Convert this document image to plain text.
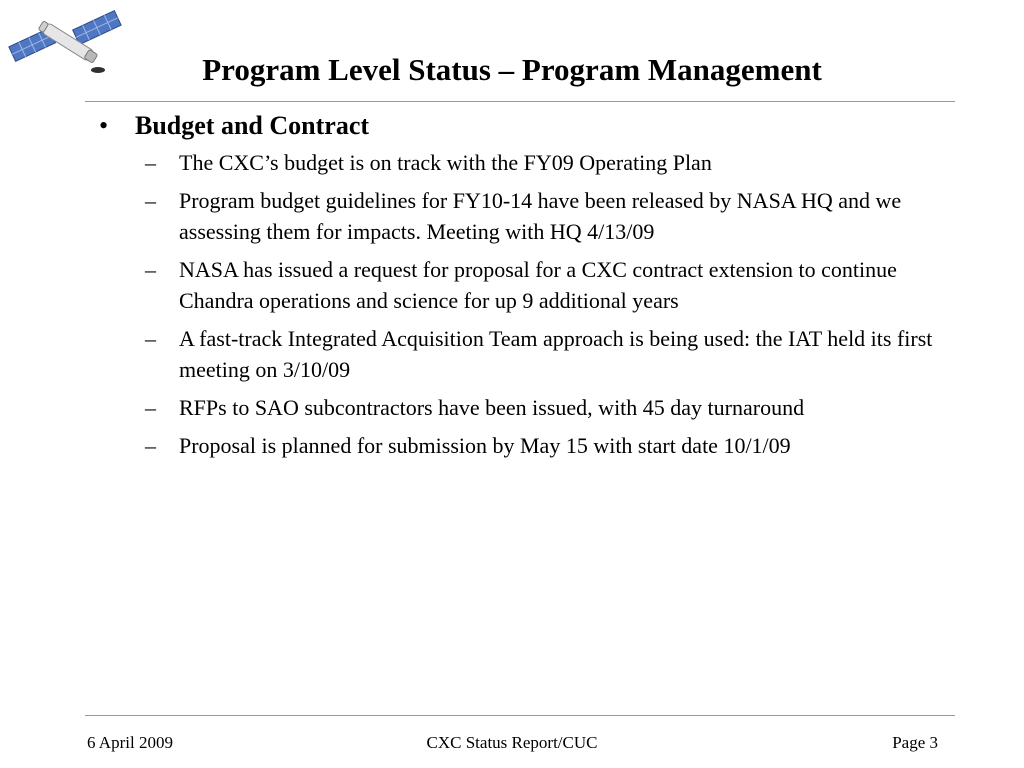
Program Level Status – Program Management
• Budget and Contract
– The CXC’s budget is on track with the FY09 Operating Plan
– Program budget guidelines for FY10-14 have been released by NASA HQ and we assessing them for impacts. Meeting with HQ 4/13/09
– NASA has issued a request for proposal for a CXC contract extension to continue Chandra operations and science for up 9 additional years
– A fast-track Integrated Acquisition Team approach is being used: the IAT held its first meeting on 3/10/09
– RFPs to SAO subcontractors have been issued, with 45 day turnaround
– Proposal is planned for submission by May 15 with start date 10/1/09
6 April 2009	CXC Status Report/CUC	Page 3
